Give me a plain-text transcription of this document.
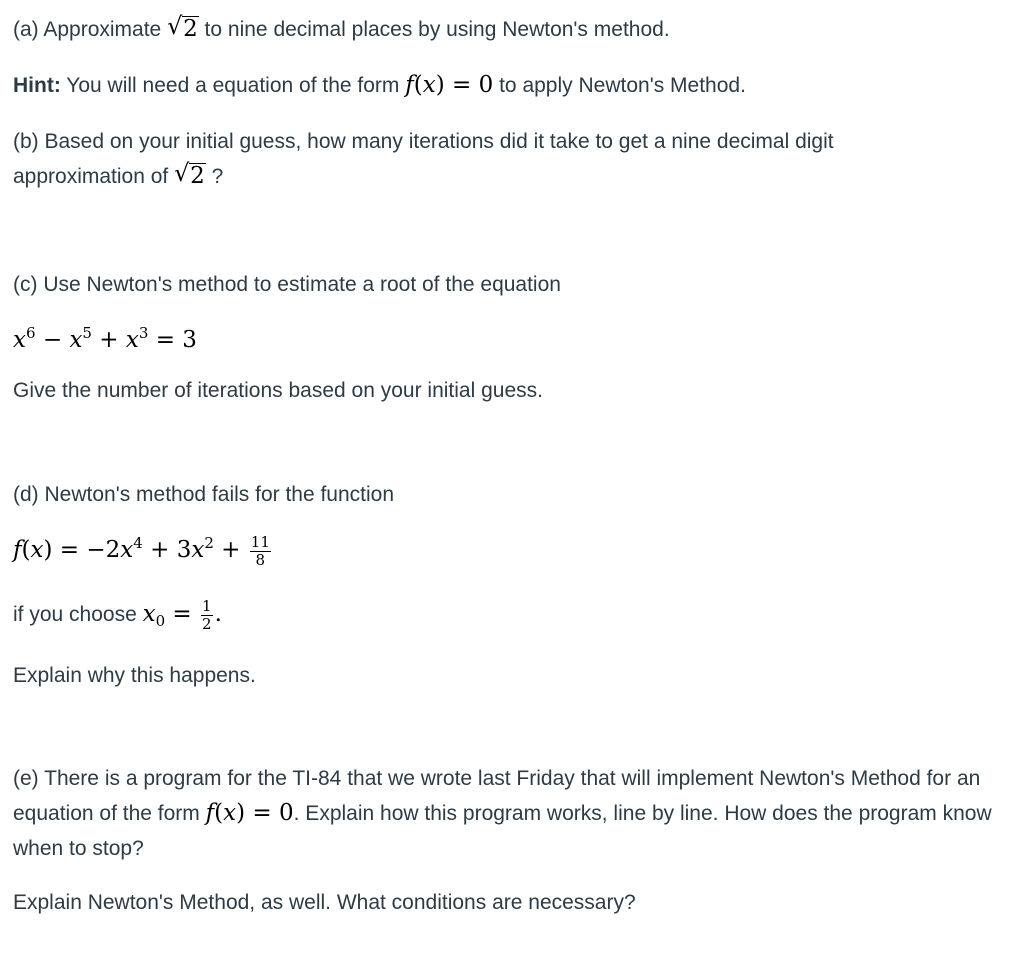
(a) Approximate √ 2 to nine decimal places by using Newton's method.

Hint: You will need a equation of the form f(x) = 0 to apply Newton's Method.

(b) Based on your initial guess, how many iterations did it take to get a nine decimal digit

approximation of √ 2 ?

(c) Use Newton's method to estimate a root of the equation

$x^6 - x^5 + x^3 = 3$

Give the number of iterations based on your initial guess.

(d) Newton's method fails for the function

$f(x) = -2x^4 + 3x^2 + \frac{11}{8}$

if you choose $x_0 = \frac{1}{2}$ .

Explain why this happens.

(e) There is a program for the TI-84 that we wrote last Friday that will implement Newton's Method for an equation of the form f(x) = 0. Explain how this program works, line by line. How does the program know when to stop?

Explain Newton's Method, as well. What conditions are necessary?
